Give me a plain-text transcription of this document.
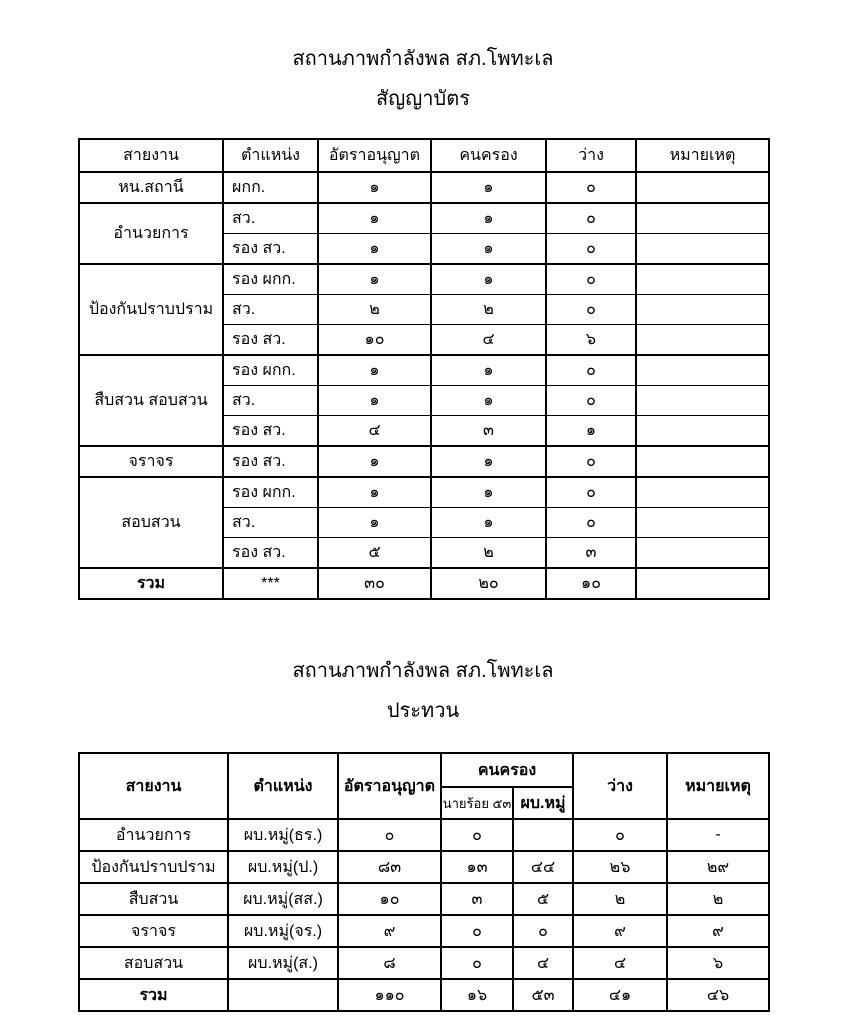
สถานภาพกำลังพล สภ.โพทะเล

สัญญาบัตร

สายงาน	ตำแหน่ง	อัตราอนุญาต	คนครอง	ว่าง	หมายเหตุ
หน.สถานี	ผกก.	๑	๑	๐	
อำนวยการ	สว.	๑	๑	๐	
	รอง สว.	๑	๑	๐	
ป้องกันปราบปราม	รอง ผกก.	๑	๑	๐	
	สว.	๒	๒	๐	
	รอง สว.	๑๐	๔	๖	
สืบสวน สอบสวน	รอง ผกก.	๑	๑	๐	
	สว.	๑	๑	๐	
	รอง สว.	๔	๓	๑	
จราจร	รอง สว.	๑	๑	๐	
สอบสวน	รอง ผกก.	๑	๑	๐	
	สว.	๑	๑	๐	
	รอง สว.	๕	๒	๓	
รวม	***	๓๐	๒๐	๑๐	

สถานภาพกำลังพล สภ.โพทะเล

ประทวน

สายงาน	ตำแหน่ง	อัตราอนุญาต	คนครอง		ว่าง	หมายเหตุ
			นายร้อย ๕๓	ผบ.หมู่		
อำนวยการ	ผบ.หมู่(ธร.)	๐	๐		๐	-
ป้องกันปราบปราม	ผบ.หมู่(ป.)	๘๓	๑๓	๔๔	๒๖	๒๙
สืบสวน	ผบ.หมู่(สส.)	๑๐	๓	๕	๒	๒
จราจร	ผบ.หมู่(จร.)	๙	๐	๐	๙	๙
สอบสวน	ผบ.หมู่(ส.)	๘	๐	๔	๔	๖
รวม		๑๑๐	๑๖	๕๓	๔๑	๔๖
